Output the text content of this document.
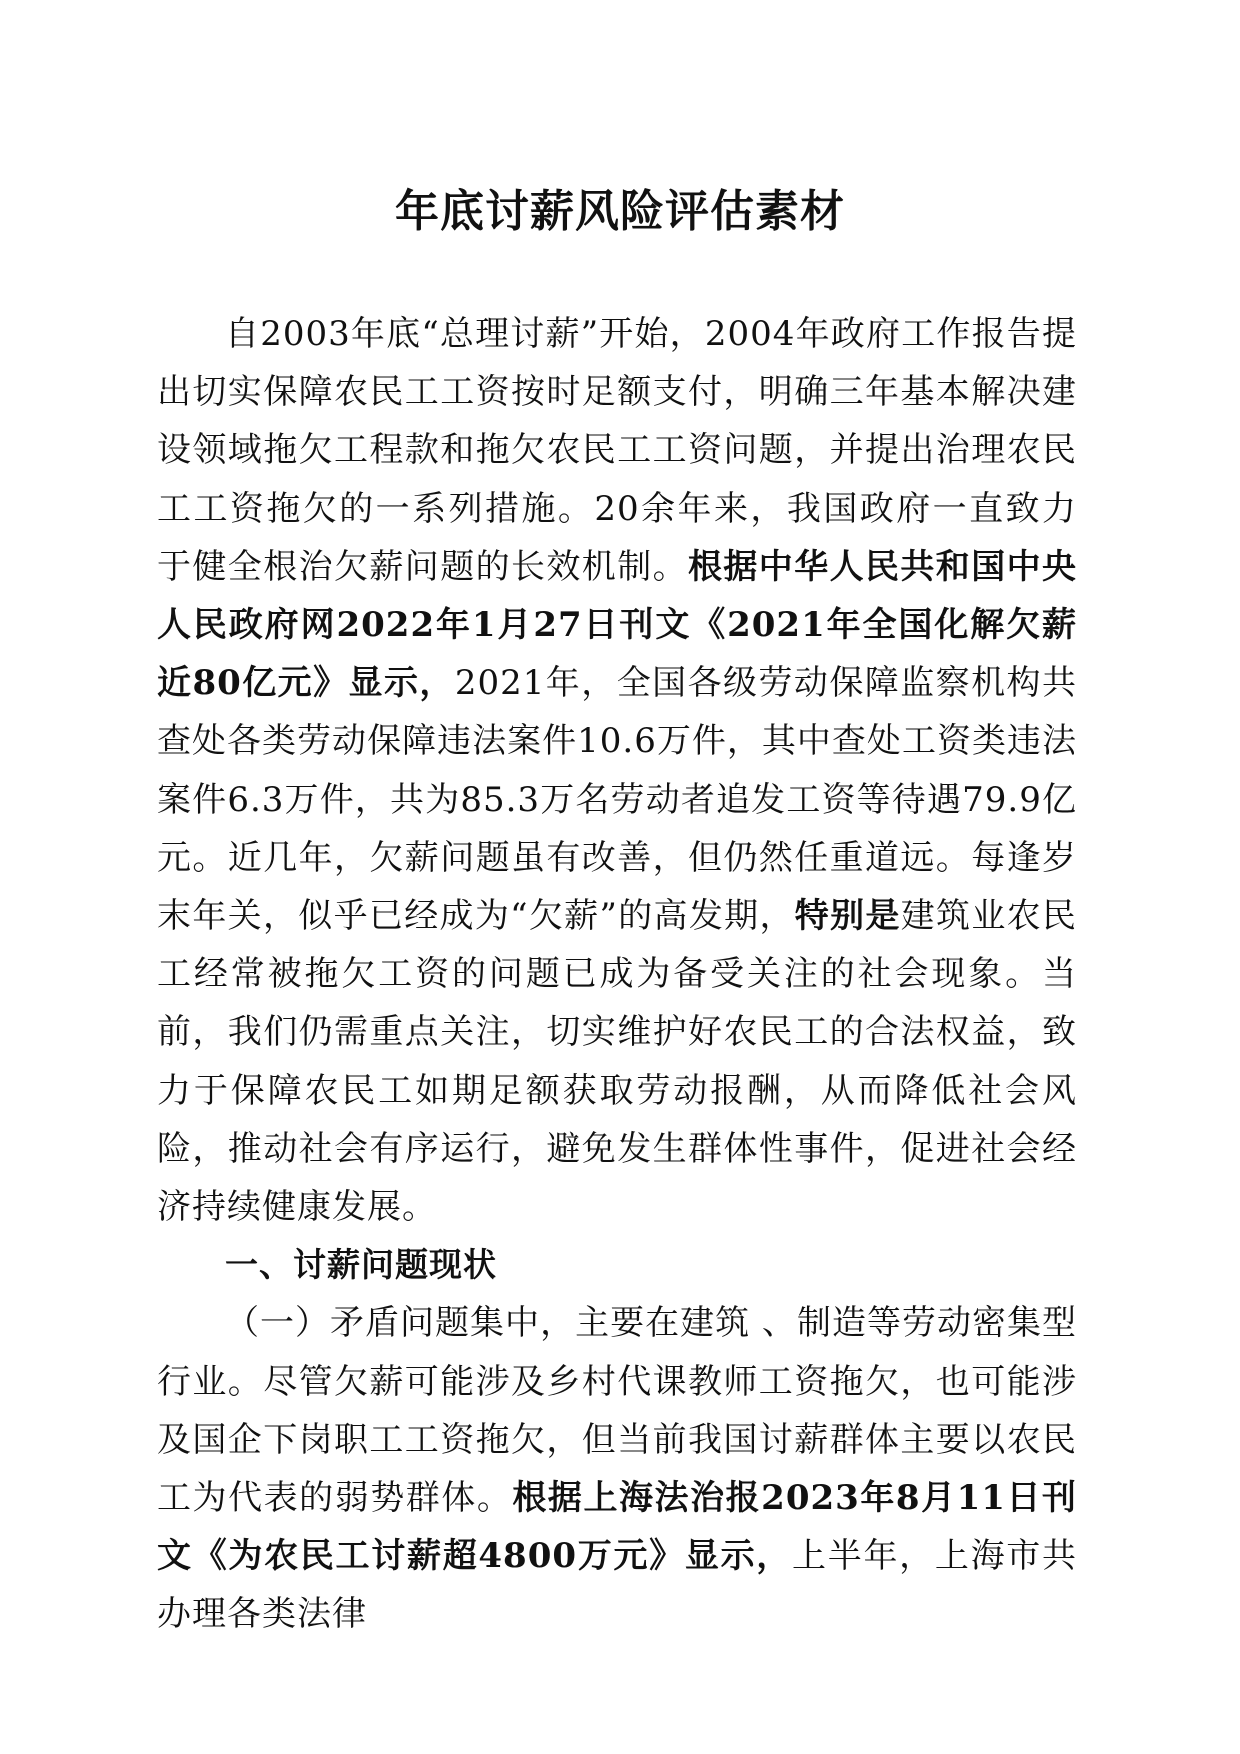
年底讨薪风险评估素材

自2003年底“总理讨薪”开始，2004年政府工作报告提出切实保障农民工工资按时足额支付，明确三年基本解决建设领域拖欠工程款和拖欠农民工工资问题，并提出治理农民工工资拖欠的一系列措施。20余年来，我国政府一直致力于健全根治欠薪问题的长效机制。根据中华人民共和国中央人民政府网2022年1月27日刊文《2021年全国化解欠薪近80亿元》显示，2021年，全国各级劳动保障监察机构共查处各类劳动保障违法案件10.6万件，其中查处工资类违法案件6.3万件，共为85.3万名劳动者追发工资等待遇79.9亿元。近几年，欠薪问题虽有改善，但仍然任重道远。每逢岁末年关，似乎已经成为“欠薪”的高发期，特别是建筑业农民工经常被拖欠工资的问题已成为备受关注的社会现象。当前，我们仍需重点关注，切实维护好农民工的合法权益，致力于保障农民工如期足额获取劳动报酬，从而降低社会风险，推动社会有序运行，避免发生群体性事件，促进社会经济持续健康发展。

一、讨薪问题现状

（一）矛盾问题集中，主要在建筑 、制造等劳动密集型行业。尽管欠薪可能涉及乡村代课教师工资拖欠，也可能涉及国企下岗职工工资拖欠，但当前我国讨薪群体主要以农民工为代表的弱势群体。根据上海法治报2023年8月11日刊文《为农民工讨薪超4800万元》显示，上半年，上海市共办理各类法律
